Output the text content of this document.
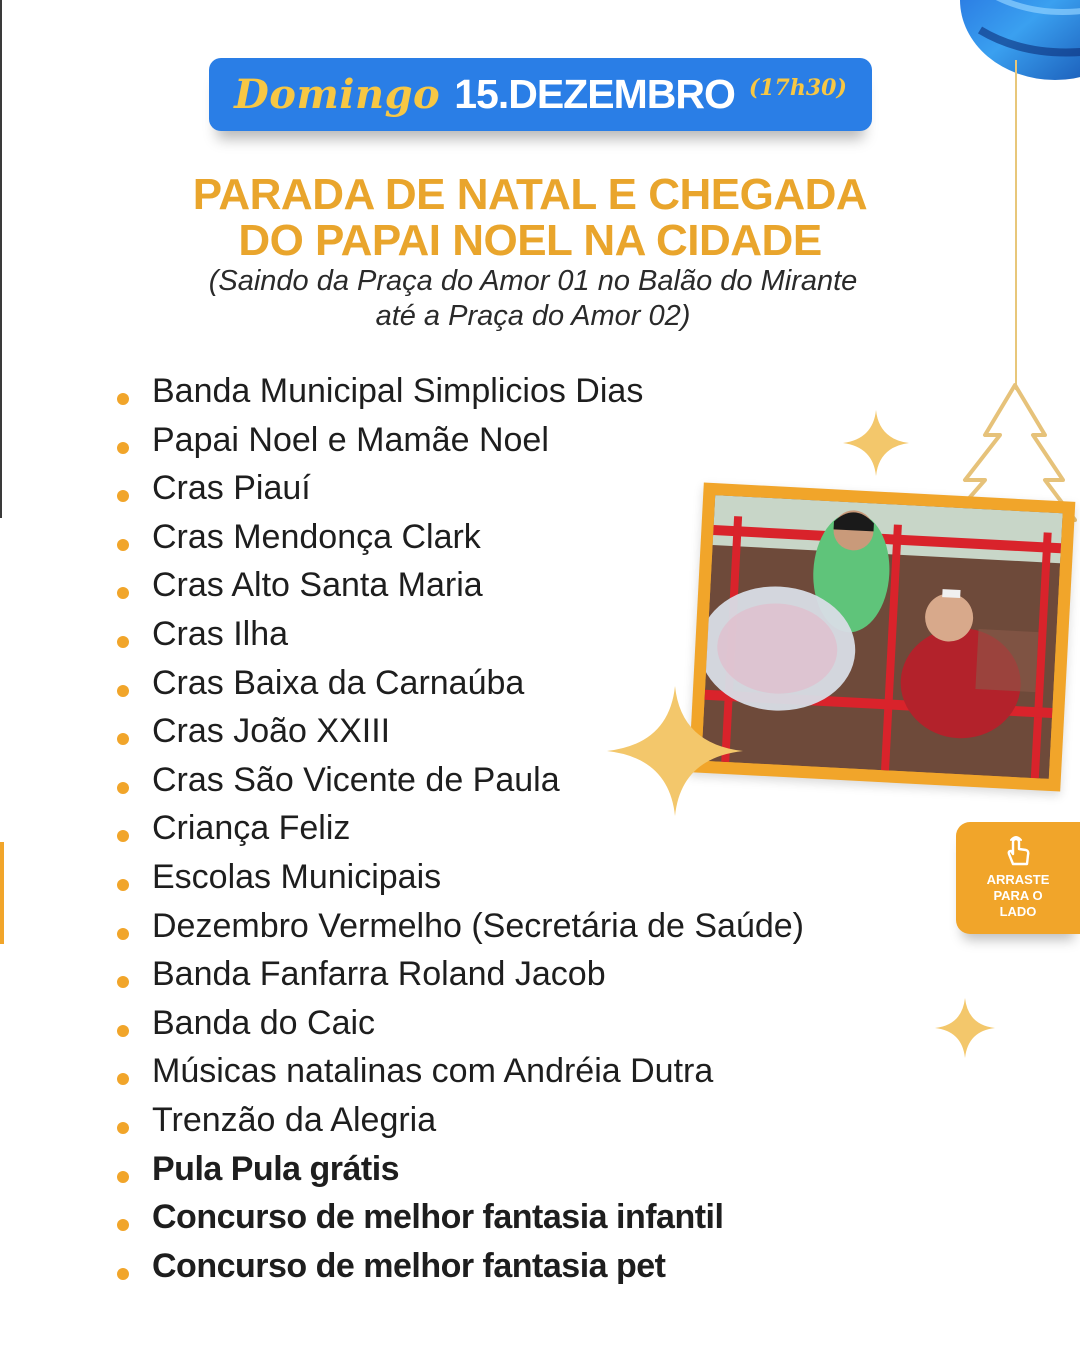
Domingo 15.DEZEMBRO (17h30)
PARADA DE NATAL E CHEGADA
DO PAPAI NOEL NA CIDADE
(Saindo da Praça do Amor 01 no Balão do Mirante
até a Praça do Amor 02)
Banda Municipal Simplicios Dias
Papai Noel e Mamãe Noel
Cras Piauí
Cras Mendonça Clark
Cras Alto Santa Maria
Cras Ilha
Cras Baixa da Carnaúba
Cras João XXIII
Cras São Vicente de Paula
Criança Feliz
Escolas Municipais
Dezembro Vermelho (Secretária de Saúde)
Banda Fanfarra Roland Jacob
Banda do Caic
Músicas natalinas com Andréia Dutra
Trenzão da Alegria
Pula Pula grátis
Concurso de melhor fantasia infantil
Concurso de melhor fantasia pet
ARRASTE
PARA O
LADO
